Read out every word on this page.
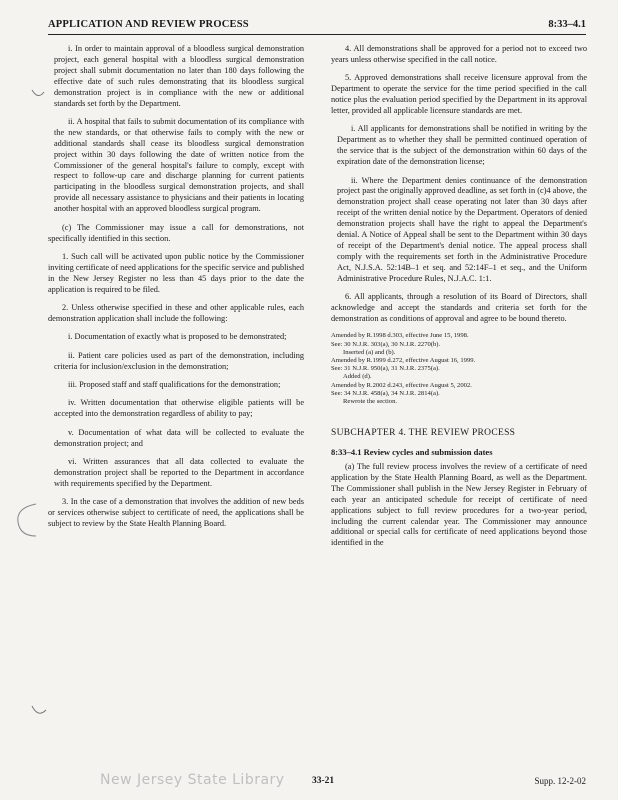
APPLICATION AND REVIEW PROCESS	8:33–4.1

i. In order to maintain approval of a bloodless surgical demonstration project, each general hospital with a bloodless surgical demonstration project shall submit documentation no later than 180 days following the effective date of such rules demonstrating that its bloodless surgical demonstration project is in compliance with the new or additional standards set forth by the Department.

ii. A hospital that fails to submit documentation of its compliance with the new standards, or that otherwise fails to comply with the new or additional standards shall cease its bloodless surgical demonstration project within 30 days following the date of written notice from the Commissioner of the general hospital's failure to comply, except with respect to follow-up care and discharge planning for current patients participating in the bloodless surgical demonstration projects, and shall provide all necessary assistance to physicians and their patients in locating another hospital with an approved bloodless surgical program.

(c) The Commissioner may issue a call for demonstrations, not specifically identified in this section.

1. Such call will be activated upon public notice by the Commissioner inviting certificate of need applications for the specific service and published in the New Jersey Register no less than 45 days prior to the date the application is required to be filed.

2. Unless otherwise specified in these and other applicable rules, each demonstration application shall include the following:

i. Documentation of exactly what is proposed to be demonstrated;

ii. Patient care policies used as part of the demonstration, including criteria for inclusion/exclusion in the demonstration;

iii. Proposed staff and staff qualifications for the demonstration;

iv. Written documentation that otherwise eligible patients will be accepted into the demonstration regardless of ability to pay;

v. Documentation of what data will be collected to evaluate the demonstration project; and

vi. Written assurances that all data collected to evaluate the demonstration project shall be reported to the Department in accordance with requirements specified by the Department.

3. In the case of a demonstration that involves the addition of new beds or services otherwise subject to certificate of need, the applications shall be subject to review by the State Health Planning Board.

4. All demonstrations shall be approved for a period not to exceed two years unless otherwise specified in the call notice.

5. Approved demonstrations shall receive licensure approval from the Department to operate the service for the time period specified in the call notice plus the evaluation period specified by the Department in its approval letter, provided all applicable licensure standards are met.

i. All applicants for demonstrations shall be notified in writing by the Department as to whether they shall be permitted continued operation of the service that is the subject of the demonstration within 60 days of the expiration date of the demonstration license;

ii. Where the Department denies continuance of the demonstration project past the originally approved deadline, as set forth in (c)4 above, the demonstration project shall cease operating not later than 30 days after receipt of the written denial notice by the Department. Operators of denied demonstration projects shall have the right to appeal the Department's denial. A Notice of Appeal shall be sent to the Department within 30 days of receipt of the Department's denial notice. The appeal process shall comply with the requirements set forth in the Administrative Procedure Act, N.J.S.A. 52:14B–1 et seq. and 52:14F–1 et seq., and the Uniform Administrative Procedure Rules, N.J.A.C. 1:1.

6. All applicants, through a resolution of its Board of Directors, shall acknowledge and accept the standards and criteria set forth for the demonstration as conditions of approval and agree to be bound thereto.

Amended by R.1998 d.303, effective June 15, 1998.
See: 30 N.J.R. 303(a), 30 N.J.R. 2270(b).
Inserted (a) and (b).
Amended by R.1999 d.272, effective August 16, 1999.
See: 31 N.J.R. 950(a), 31 N.J.R. 2375(a).
Added (d).
Amended by R.2002 d.243, effective August 5, 2002.
See: 34 N.J.R. 458(a), 34 N.J.R. 2814(a).
Rewrote the section.
SUBCHAPTER 4. THE REVIEW PROCESS
8:33–4.1 Review cycles and submission dates

(a) The full review process involves the review of a certificate of need application by the State Health Planning Board, as well as the Department. The Commissioner shall publish in the New Jersey Register in February of each year an anticipated schedule for receipt of certificate of need applications subject to full review procedures for a two-year period, including the current calendar year. The Commissioner may announce additional or special calls for certificate of need applications beyond those identified in the

New Jersey State Library	33-21	Supp. 12-2-02
